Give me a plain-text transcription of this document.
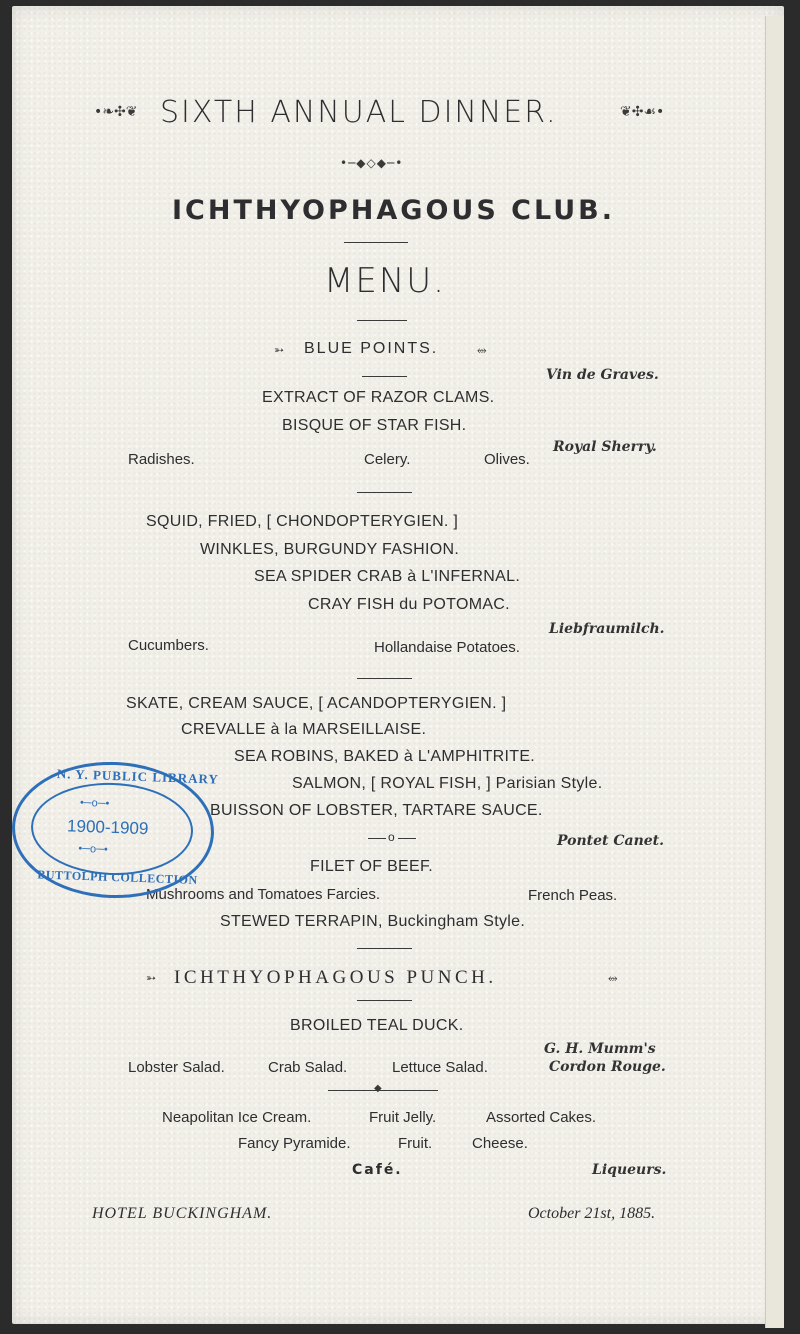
•❧✣❦ SIXTH ANNUAL DINNER.	❦✣☙•
•─◆◇◆─•
ICHTHYOPHAGOUS CLUB.
MENU.
➳ BLUE POINTS.	⥈
Vin de Graves.
EXTRACT OF RAZOR CLAMS.
BISQUE OF STAR FISH.
Royal Sherry.
Radishes.	Celery.	Olives.
SQUID, FRIED, [ CHONDOPTERYGIEN. ]
WINKLES, BURGUNDY FASHION.
SEA SPIDER CRAB à L'INFERNAL.
CRAY FISH du POTOMAC.
Liebfraumilch.
Cucumbers.	Hollandaise Potatoes.
SKATE, CREAM SAUCE, [ ACANDOPTERYGIEN. ]
CREVALLE à la MARSEILLAISE.
SEA ROBINS, BAKED à L'AMPHITRITE.
SALMON, [ ROYAL FISH, ] Parisian Style.
BUISSON OF LOBSTER, TARTARE SAUCE.
o	Pontet Canet.
FILET OF BEEF.
Mushrooms and Tomatoes Farcies.	French Peas.
STEWED TERRAPIN, Buckingham Style.
➳ ICHTHYOPHAGOUS PUNCH.	⥈
BROILED TEAL DUCK.
G. H. Mumm's
Lobster Salad.	Crab Salad.	Lettuce Salad.	Cordon Rouge.
◆
Neapolitan Ice Cream.	Fruit Jelly.	Assorted Cakes.
Fancy Pyramide.	Fruit.	Cheese.
Café.	Liqueurs.
HOTEL BUCKINGHAM.	October 21st, 1885.
N. Y. PUBLIC LIBRARY
•─o─•
1900-1909
•─o─•
BUTTOLPH COLLECTION
